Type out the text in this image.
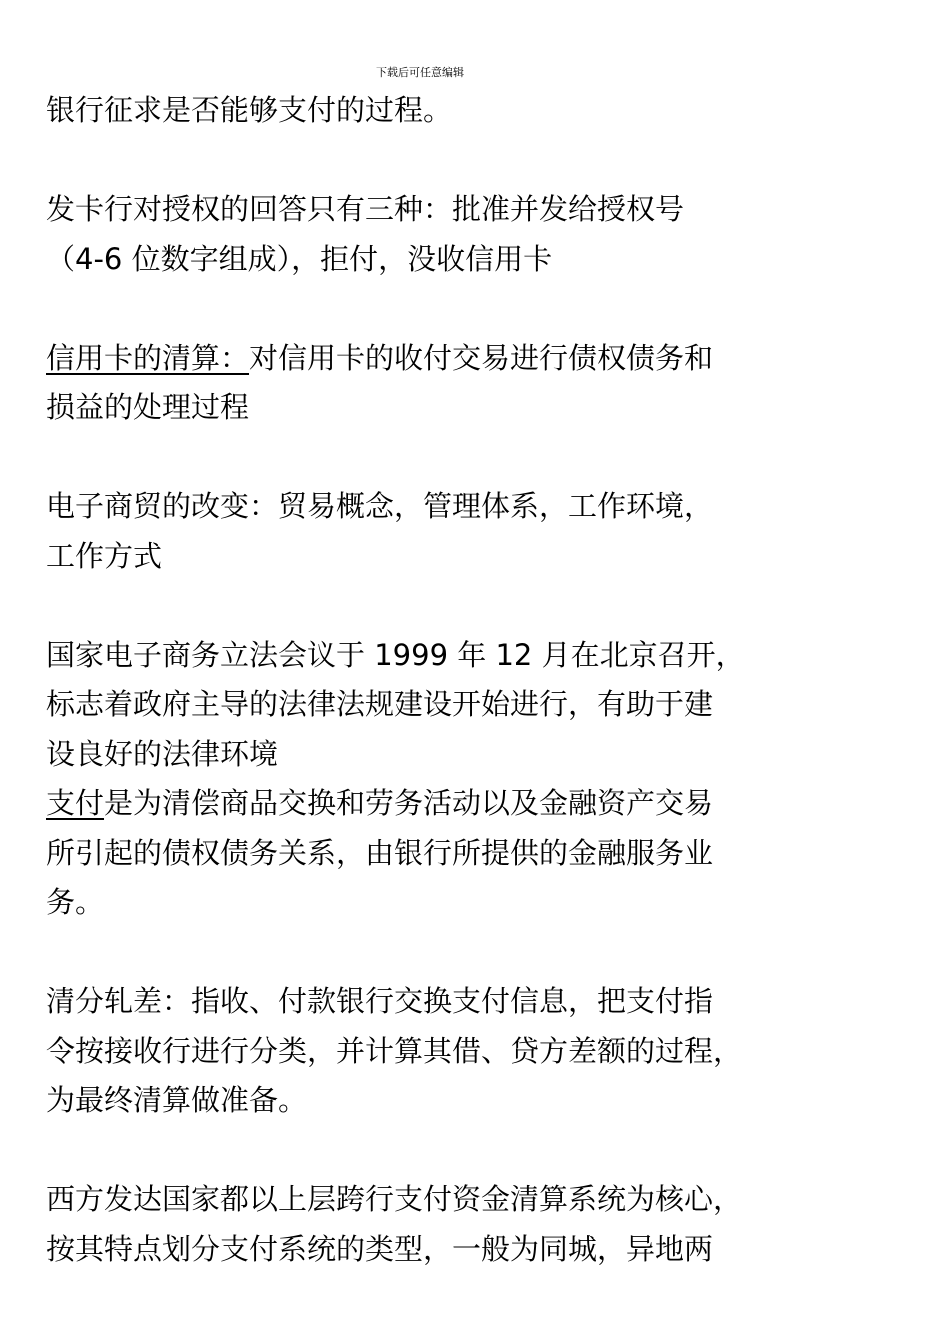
下载后可任意编辑
银行征求是否能够支付的过程。
发卡行对授权的回答只有三种：批准并发给授权号
（4-6 位数字组成），拒付，没收信用卡
信用卡的清算：对信用卡的收付交易进行债权债务和
损益的处理过程
电子商贸的改变：贸易概念，管理体系，工作环境，
工作方式
国家电子商务立法会议于 1999 年 12 月在北京召开，
标志着政府主导的法律法规建设开始进行，有助于建
设良好的法律环境
支付是为清偿商品交换和劳务活动以及金融资产交易
所引起的债权债务关系，由银行所提供的金融服务业
务。
清分轧差：指收、付款银行交换支付信息，把支付指
令按接收行进行分类，并计算其借、贷方差额的过程，
为最终清算做准备。
西方发达国家都以上层跨行支付资金清算系统为核心，
按其特点划分支付系统的类型，一般为同城，异地两
